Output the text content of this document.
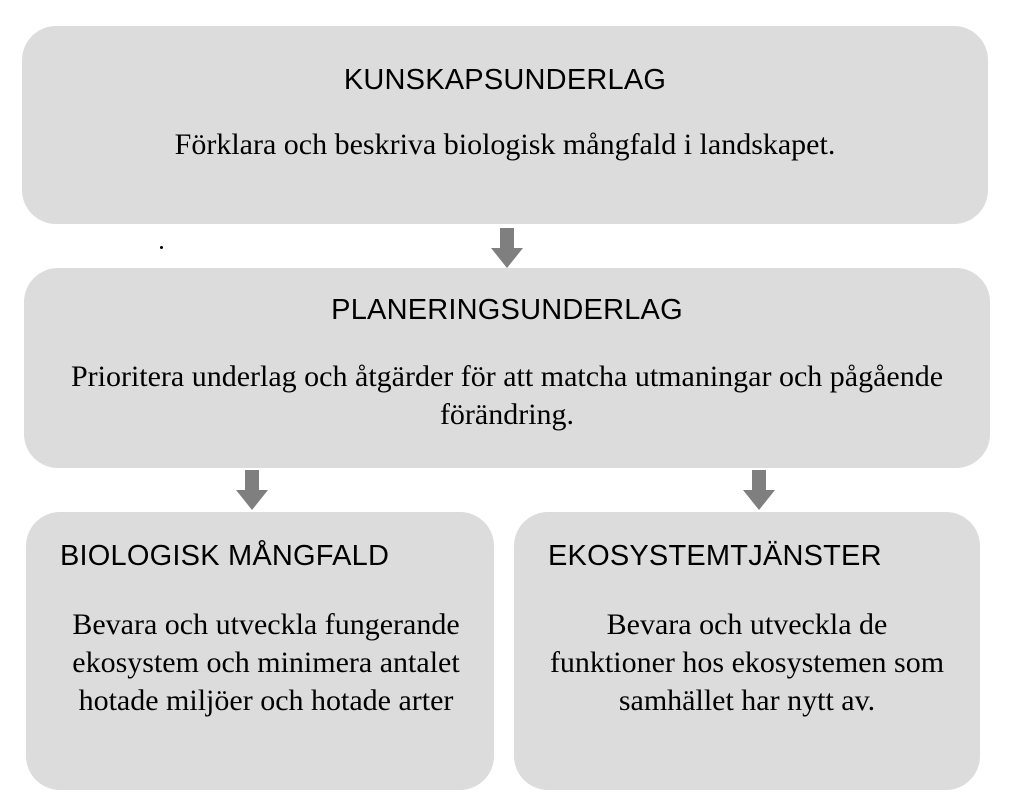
KUNSKAPSUNDERLAG
Förklara och beskriva biologisk mångfald i landskapet.
PLANERINGSUNDERLAG
Prioritera underlag och åtgärder för att matcha utmaningar och pågående förändring.
BIOLOGISK MÅNGFALD
Bevara och utveckla fungerande ekosystem och minimera antalet hotade miljöer och hotade arter
EKOSYSTEMTJÄNSTER
Bevara och utveckla de funktioner hos ekosystemen som samhället har nytt av.
